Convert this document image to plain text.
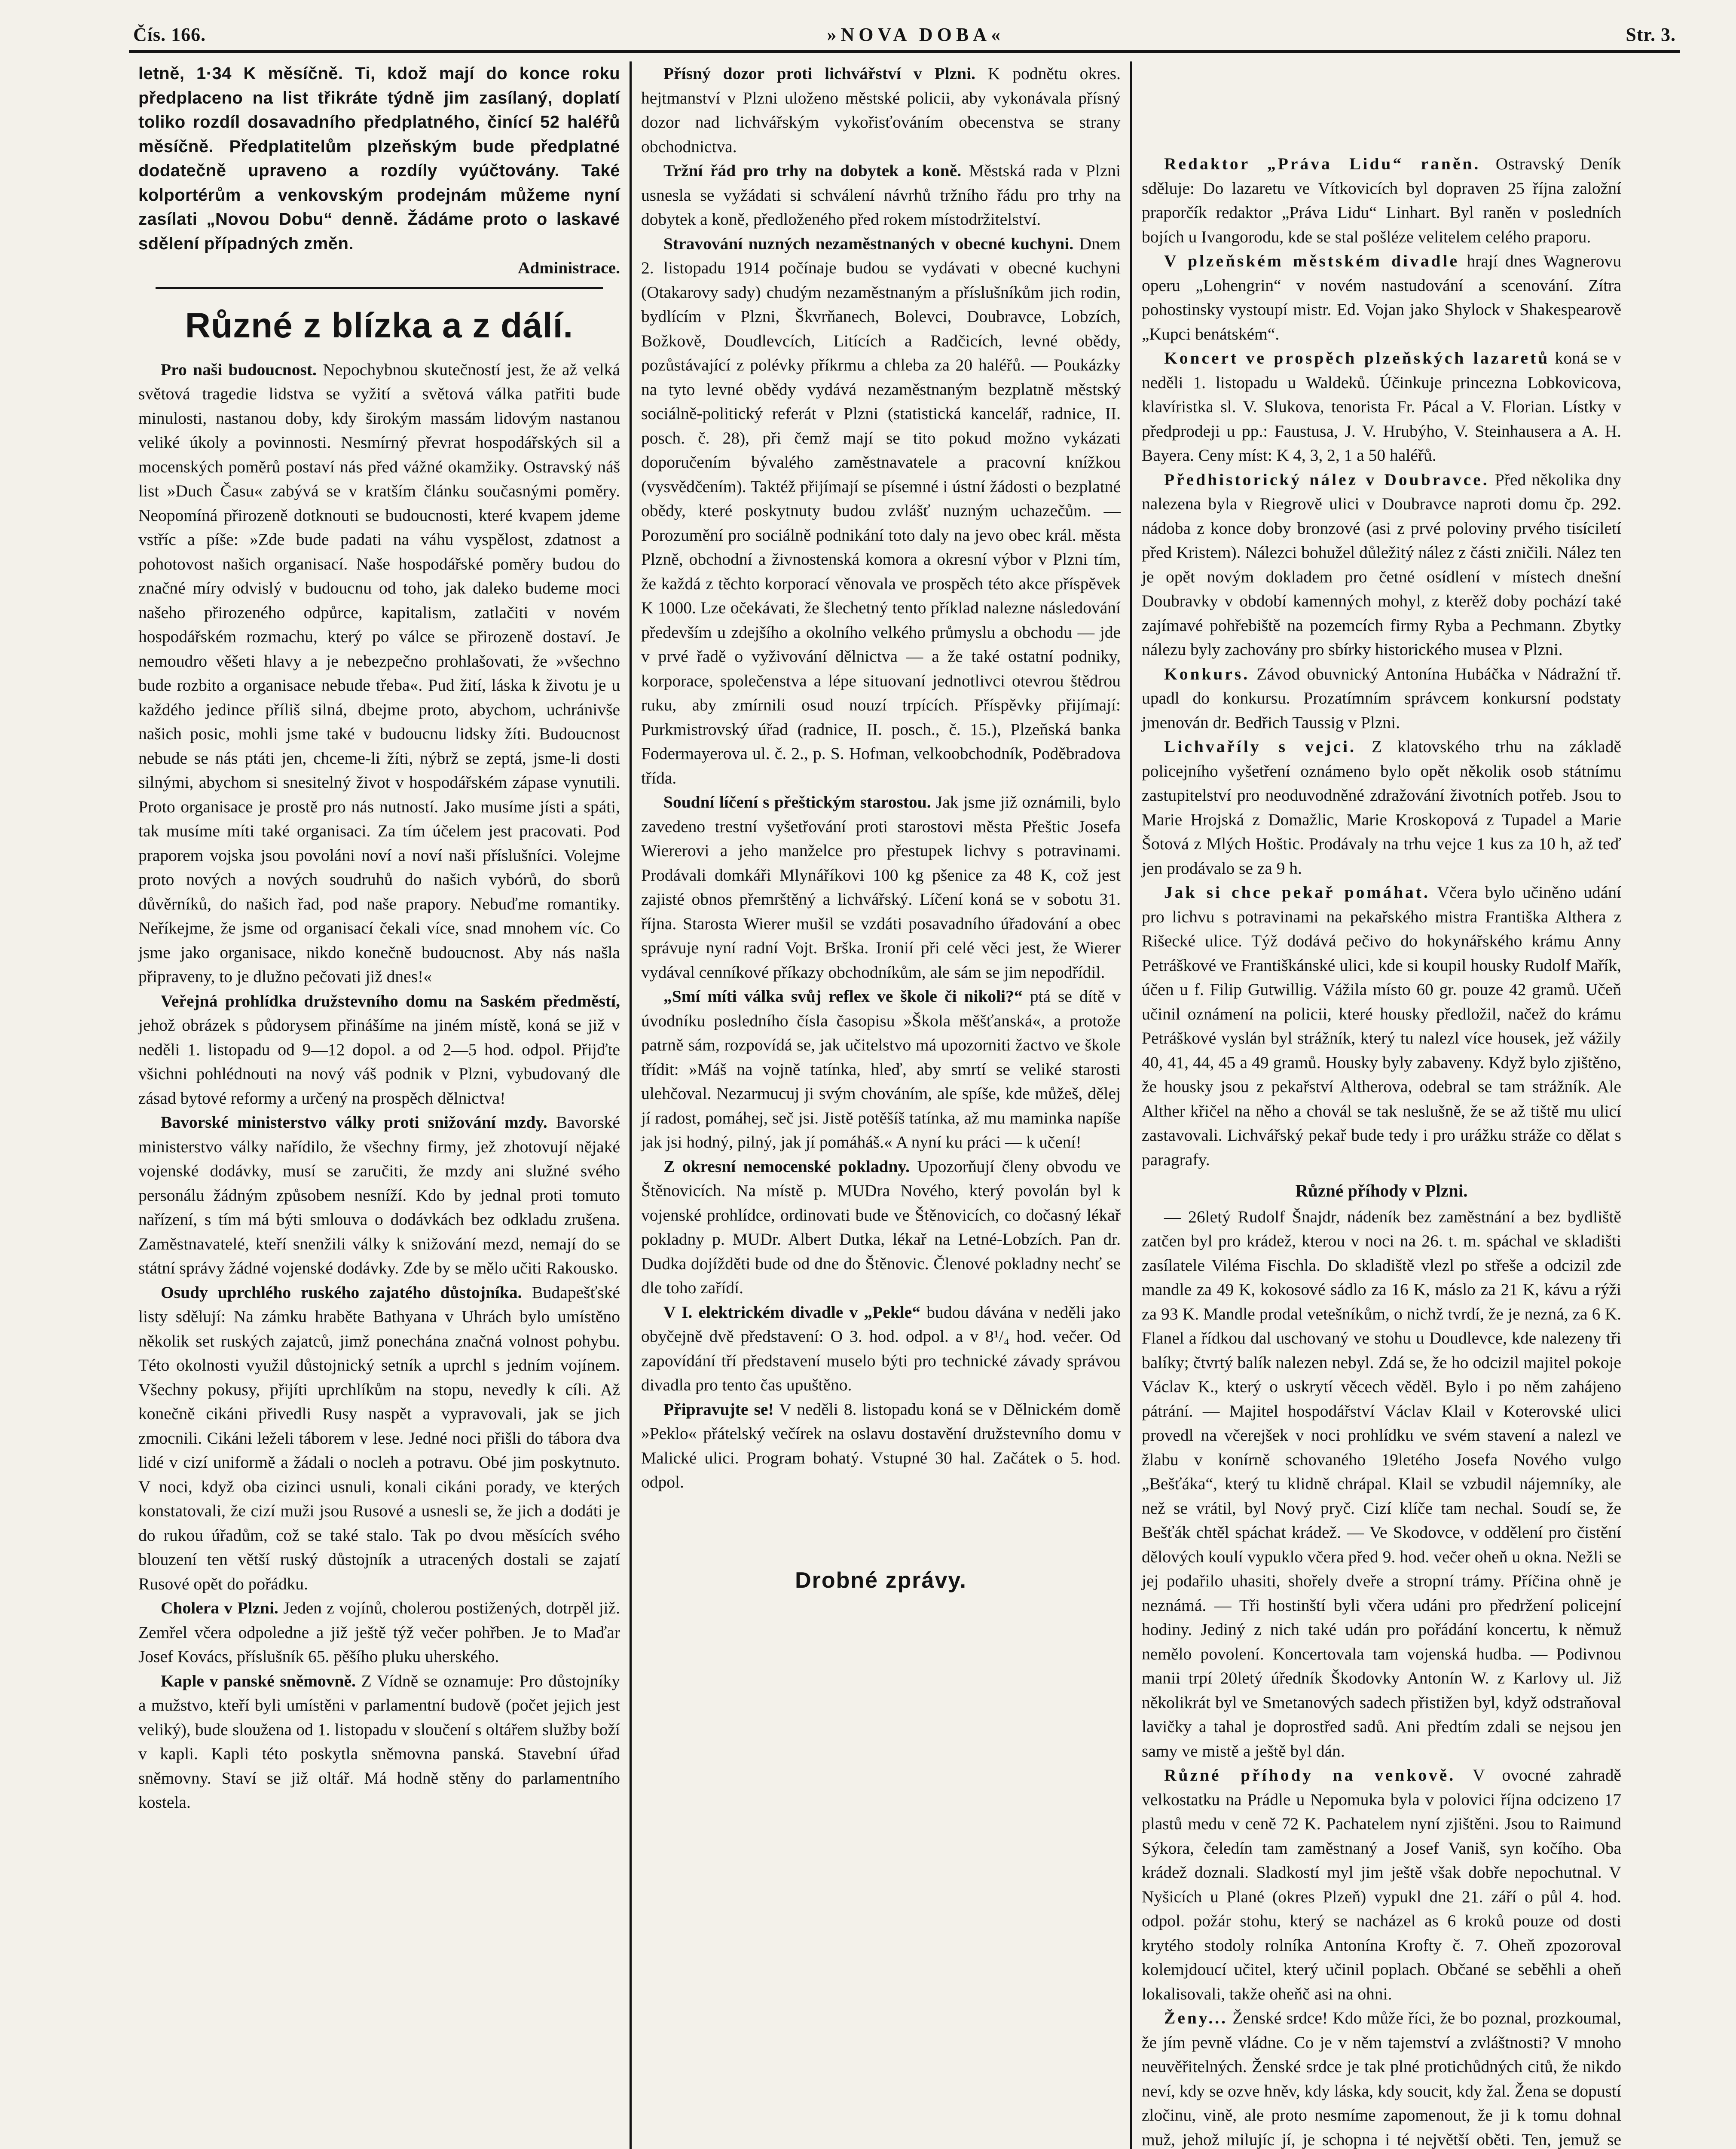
Čís. 166.	»NOVA DOBA«	Str. 3.

letně, 1·34 K měsíčně. Ti, kdož mají do konce roku předplaceno na list třikráte týdně jim zasílaný, doplatí toliko rozdíl dosavadního předplatného, činící 52 haléřů měsíčně. Předplatitelům plzeňským bude předplatné dodatečně upraveno a rozdíly vyúčtovány. Také kolportérům a venkovským prodejnám můžeme nyní zasílati „Novou Dobu“ denně. Žádáme proto o laskavé sdělení případných změn.

Administrace.

Různé z blízka a z dálí.

Pro naši budoucnost. Nepochybnou skutečností jest, že až velká světová tragedie lidstva se vyžití a světová válka patřiti bude minulosti, nastanou doby, kdy širokým massám lidovým nastanou veliké úkoly a povinnosti. Nesmírný převrat hospodářských sil a mocenských poměrů postaví nás před vážné okamžiky. Ostravský náš list »Duch Času« zabývá se v kratším článku současnými poměry. Neopomíná přirozeně dotknouti se budoucnosti, které kvapem jdeme vstříc a píše: »Zde bude padati na váhu vyspělost, zdatnost a pohotovost našich organisací. Naše hospodářské poměry budou do značné míry odvislý v budoucnu od toho, jak daleko budeme moci našeho přirozeného odpůrce, kapitalism, zatlačiti v novém hospodářském rozmachu, který po válce se přirozeně dostaví. Je nemoudro věšeti hlavy a je nebezpečno prohlašovati, že »všechno bude rozbito a organisace nebude třeba«. Pud žití, láska k životu je u každého jedince příliš silná, dbejme proto, abychom, uchránivše našich posic, mohli jsme také v budoucnu lidsky žíti. Budoucnost nebude se nás ptáti jen, chceme-li žíti, nýbrž se zeptá, jsme-li dosti silnými, abychom si snesitelný život v hospodářském zápase vynutili. Proto organisace je prostě pro nás nutností. Jako musíme jísti a spáti, tak musíme míti také organisaci. Za tím účelem jest pracovati. Pod praporem vojska jsou povoláni noví a noví naši příslušníci. Volejme proto nových a nových soudruhů do našich vybórů, do sborů důvěrníků, do našich řad, pod naše prapory. Nebuďme romantiky. Neříkejme, že jsme od organisací čekali více, snad mnohem víc. Co jsme jako organisace, nikdo konečně budoucnost. Aby nás našla připraveny, to je dlužno pečovati již dnes!«

Veřejná prohlídka družstevního domu na Saském předměstí, jehož obrázek s půdorysem přinášíme na jiném místě, koná se již v neděli 1. listopadu od 9—12 dopol. a od 2—5 hod. odpol. Přijďte všichni pohlédnouti na nový váš podnik v Plzni, vybudovaný dle zásad bytové reformy a určený na prospěch dělnictva!

Bavorské ministerstvo války proti snižování mzdy. Bavorské ministerstvo války nařídilo, že všechny firmy, jež zhotovují nějaké vojenské dodávky, musí se zaručiti, že mzdy ani služné svého personálu žádným způsobem nesníží. Kdo by jednal proti tomuto nařízení, s tím má býti smlouva o dodávkách bez odkladu zrušena. Zaměstnavatelé, kteří snenžili války k snižování mezd, nemají do se státní správy žádné vojenské dodávky. Zde by se mělo učiti Rakousko.

Osudy uprchlého ruského zajatého důstojníka. Budapešťské listy sdělují: Na zámku hraběte Bathyana v Uhrách bylo umístěno několik set ruských zajatců, jimž ponechána značná volnost pohybu. Této okolnosti využil důstojnický setník a uprchl s jedním vojínem. Všechny pokusy, přijíti uprchlíkům na stopu, nevedly k cíli. Až konečně cikáni přivedli Rusy naspět a vypravovali, jak se jich zmocnili. Cikáni leželi táborem v lese. Jedné noci přišli do tábora dva lidé v cizí uniformě a žádali o nocleh a potravu. Obé jim poskytnuto. V noci, když oba cizinci usnuli, konali cikáni porady, ve kterých konstatovali, že cizí muži jsou Rusové a usnesli se, že jich a dodáti je do rukou úřadům, což se také stalo. Tak po dvou měsících svého blouzení ten větší ruský důstojník a utracených dostali se zajatí Rusové opět do pořádku.

Cholera v Plzni. Jeden z vojínů, cholerou postižených, dotrpěl již. Zemřel včera odpoledne a již ještě týž večer pohřben. Je to Maďar Josef Kovács, příslušník 65. pěšího pluku uherského.

Kaple v panské sněmovně. Z Vídně se oznamuje: Pro důstojníky a mužstvo, kteří byli umístěni v parlamentní budově (počet jejich jest veliký), bude sloužena od 1. listopadu v sloučení s oltářem služby boží v kapli. Kapli této poskytla sněmovna panská. Stavební úřad sněmovny. Staví se již oltář. Má hodně stěny do parlamentního kostela.

Přísný dozor proti lichvářství v Plzni. K podnětu okres. hejtmanství v Plzni uloženo městské policii, aby vykonávala přísný dozor nad lichvářským vykořisťováním obecenstva se strany obchodnictva.

Tržní řád pro trhy na dobytek a koně. Městská rada v Plzni usnesla se vyžádati si schválení návrhů tržního řádu pro trhy na dobytek a koně, předloženého před rokem místodržitelství.

Stravování nuzných nezaměstnaných v obecné kuchyni. Dnem 2. listopadu 1914 počínaje budou se vydávati v obecné kuchyni (Otakarovy sady) chudým nezaměstnaným a příslušníkům jich rodin, bydlícím v Plzni, Škvrňanech, Bolevci, Doubravce, Lobzích, Božkově, Doudlevcích, Litících a Radčicích, levné obědy, pozůstávající z polévky příkrmu a chleba za 20 haléřů. — Poukázky na tyto levné obědy vydává nezaměstnaným bezplatně městský sociálně-politický referát v Plzni (statistická kancelář, radnice, II. posch. č. 28), při čemž mají se tito pokud možno vykázati doporučením bývalého zaměstnavatele a pracovní knížkou (vysvědčením). Taktéž přijímají se písemné i ústní žádosti o bezplatné obědy, které poskytnuty budou zvlášť nuzným uchazečům. — Porozumění pro sociálně podnikání toto daly na jevo obec král. města Plzně, obchodní a živnostenská komora a okresní výbor v Plzni tím, že každá z těchto korporací věnovala ve prospěch této akce příspěvek K 1000. Lze očekávati, že šlechetný tento příklad nalezne následování především u zdejšího a okolního velkého průmyslu a obchodu — jde v prvé řadě o vyživování dělnictva — a že také ostatní podniky, korporace, společenstva a lépe situovaní jednotlivci otevrou štědrou ruku, aby zmírnili osud nouzí trpících. Příspěvky přijímají: Purkmistrovský úřad (radnice, II. posch., č. 15.), Plzeňská banka Fodermayerova ul. č. 2., p. S. Hofman, velkoobchodník, Poděbradova třída.

Soudní líčení s přeštickým starostou. Jak jsme již oznámili, bylo zavedeno trestní vyšetřování proti starostovi města Přeštic Josefa Wiererovi a jeho manželce pro přestupek lichvy s potravinami. Prodávali domkáři Mlynáříkovi 100 kg pšenice za 48 K, což jest zajisté obnos přemrštěný a lichvářský. Líčení koná se v sobotu 31. října. Starosta Wierer mušil se vzdáti posavadního úřadování a obec správuje nyní radní Vojt. Brška. Ironií při celé věci jest, že Wierer vydával cenníkové příkazy obchodníkům, ale sám se jim nepodřídil.

„Smí míti válka svůj reflex ve škole či nikoli?“ ptá se dítě v úvodníku posledního čísla časopisu »Škola měšťanská«, a protože patrně sám, rozpovídá se, jak učitelstvo má upozorniti žactvo ve škole třídit: »Máš na vojně tatínka, hleď, aby smrtí se veliké starosti ulehčoval. Nezarmucuj ji svým chováním, ale spíše, kde můžeš, dělej jí radost, pomáhej, seč jsi. Jistě potěšíš tatínka, až mu maminka napíše jak jsi hodný, pilný, jak jí pomáháš.« A nyní ku práci — k učení!

Z okresní nemocenské pokladny. Upozorňují členy obvodu ve Štěnovicích. Na místě p. MUDra Nového, který povolán byl k vojenské prohlídce, ordinovati bude ve Štěnovicích, co dočasný lékař pokladny p. MUDr. Albert Dutka, lékař na Letné-Lobzích. Pan dr. Dudka dojížděti bude od dne do Štěnovic. Členové pokladny nechť se dle toho zařídí.

V I. elektrickém divadle v „Pekle“ budou dávána v neděli jako obyčejně dvě představení: O 3. hod. odpol. a v 8¹/₄ hod. večer. Od zapovídání tří představení muselo býti pro technické závady správou divadla pro tento čas upuštěno.

Připravujte se! V neděli 8. listopadu koná se v Dělnickém domě »Peklo« přátelský večírek na oslavu dostavění družstevního domu v Malické ulici. Program bohatý. Vstupné 30 hal. Začátek o 5. hod. odpol.

Drobné zprávy.

Redaktor „Práva Lidu“ raněn. Ostravský Deník sděluje: Do lazaretu ve Vítkovicích byl dopraven 25 října založní praporčík redaktor „Práva Lidu“ Linhart. Byl raněn v posledních bojích u Ivangorodu, kde se stal pošléze velitelem celého praporu.

V plzeňském městském divadle hrají dnes Wagnerovu operu „Lohengrin“ v novém nastudování a scenování. Zítra pohostinsky vystoupí mistr. Ed. Vojan jako Shylock v Shakespearově „Kupci benátském“.

Koncert ve prospěch plzeňských lazaretů koná se v neděli 1. listopadu u Waldeků. Účinkuje princezna Lobkovicova, klavíristka sl. V. Slukova, tenorista Fr. Pácal a V. Florian. Lístky v předprodeji u pp.: Faustusa, J. V. Hrubýho, V. Steinhausera a A. H. Bayera. Ceny míst: K 4, 3, 2, 1 a 50 haléřů.

Předhistorický nález v Doubravce. Před několika dny nalezena byla v Riegrově ulici v Doubravce naproti domu čp. 292. nádoba z konce doby bronzové (asi z prvé poloviny prvého tisíciletí před Kristem). Nálezci bohužel důležitý nález z části zničili. Nález ten je opět novým dokladem pro četné osídlení v místech dnešní Doubravky v období kamenných mohyl, z kterěž doby pochází také zajímavé pohřebiště na pozemcích firmy Ryba a Pechmann. Zbytky nálezu byly zachovány pro sbírky historického musea v Plzni.

Konkurs. Závod obuvnický Antonína Hubáčka v Nádražní tř. upadl do konkursu. Prozatímním správcem konkursní podstaty jmenován dr. Bedřich Taussig v Plzni.

Lichvaříly s vejci. Z klatovského trhu na základě policejního vyšetření oznámeno bylo opět několik osob státnímu zastupitelství pro neoduvodněné zdražování životních potřeb. Jsou to Marie Hrojská z Domažlic, Marie Kroskopová z Tupadel a Marie Šotová z Mlých Hoštic. Prodávaly na trhu vejce 1 kus za 10 h, až teď jen prodávalo se za 9 h.

Jak si chce pekař pomáhat. Včera bylo učiněno udání pro lichvu s potravinami na pekařského mistra Františka Althera z Rišecké ulice. Týž dodává pečivo do hokynářského krámu Anny Petráškové ve Františkánské ulici, kde si koupil housky Rudolf Mařík, účen u f. Filip Gutwillig. Vážila místo 60 gr. pouze 42 gramů. Učeň učinil oznámení na policii, které housky předložil, načež do krámu Petráškové vyslán byl strážník, který tu nalezl více housek, jež vážily 40, 41, 44, 45 a 49 gramů. Housky byly zabaveny. Když bylo zjištěno, že housky jsou z pekařství Altherova, odebral se tam strážník. Ale Alther křičel na něho a chovál se tak neslušně, že se až tiště mu ulicí zastavovali. Lichvářský pekař bude tedy i pro urážku stráže co dělat s paragrafy.

Různé příhody v Plzni.

— 26letý Rudolf Šnajdr, nádeník bez zaměstnání a bez bydliště zatčen byl pro krádež, kterou v noci na 26. t. m. spáchal ve skladišti zasílatele Viléma Fischla. Do skladiště vlezl po střeše a odcizil zde mandle za 49 K, kokosové sádlo za 16 K, máslo za 21 K, kávu a rýži za 93 K. Mandle prodal vetešníkům, o nichž tvrdí, že je nezná, za 6 K. Flanel a řídkou dal uschovaný ve stohu u Doudlevce, kde nalezeny tři balíky; čtvrtý balík nalezen nebyl. Zdá se, že ho odcizil majitel pokoje Václav K., který o uskrytí věcech věděl. Bylo i po něm zahájeno pátrání. — Majitel hospodářství Václav Klail v Koterovské ulici provedl na včerejšek v noci prohlídku ve svém stavení a nalezl ve žlabu v konírně schovaného 19letého Josefa Nového vulgo „Bešťáka“, který tu klidně chrápal. Klail se vzbudil nájemníky, ale než se vrátil, byl Nový pryč. Cizí klíče tam nechal. Soudí se, že Bešťák chtěl spáchat krádež. — Ve Skodovce, v oddělení pro čistění dělových koulí vypuklo včera před 9. hod. večer oheň u okna. Nežli se jej podařilo uhasiti, shořely dveře a stropní trámy. Příčina ohně je neznámá. — Tři hostinští byli včera udáni pro předržení policejní hodiny. Jediný z nich také udán pro pořádání koncertu, k němuž nemělo povolení. Koncertovala tam vojenská hudba. — Podivnou manii trpí 20letý úředník Škodovky Antonín W. z Karlovy ul. Již několikrát byl ve Smetanových sadech přistižen byl, když odstraňoval lavičky a tahal je doprostřed sadů. Ani předtím zdali se nejsou jen samy ve mistě a ještě byl dán.

Různé příhody na venkově. V ovocné zahradě velkostatku na Prádle u Nepomuka byla v polovici října odcizeno 17 plastů medu v ceně 72 K. Pachatelem nyní zjištěni. Jsou to Raimund Sýkora, čeledín tam zaměstnaný a Josef Vaniš, syn kočího. Oba krádež doznali. Sladkostí myl jim ještě však dobře nepochutnal. V Nyšicích u Plané (okres Plzeň) vypukl dne 21. září o půl 4. hod. odpol. požár stohu, který se nacházel as 6 kroků pouze od dosti krytého stodoly rolníka Antonína Krofty č. 7. Oheň zpozoroval kolemjdoucí učitel, který učinil poplach. Občané se seběhli a oheň lokalisovali, takže oheňč asi na ohni.

Ženy... Ženské srdce! Kdo může říci, že bo poznal, prozkoumal, že jím pevně vládne. Co je v něm tajemství a zvláštnosti? V mnoho neuvěřitelných. Ženské srdce je tak plné protichůdných citů, že nikdo neví, kdy se ozve hněv, kdy láska, kdy soucit, kdy žal. Žena se dopustí zločinu, vině, ale proto nesmíme zapomenout, že ji k tomu dohnal muž, jehož milujíc jí, je schopna i té největší oběti. Ten, jemuž se
